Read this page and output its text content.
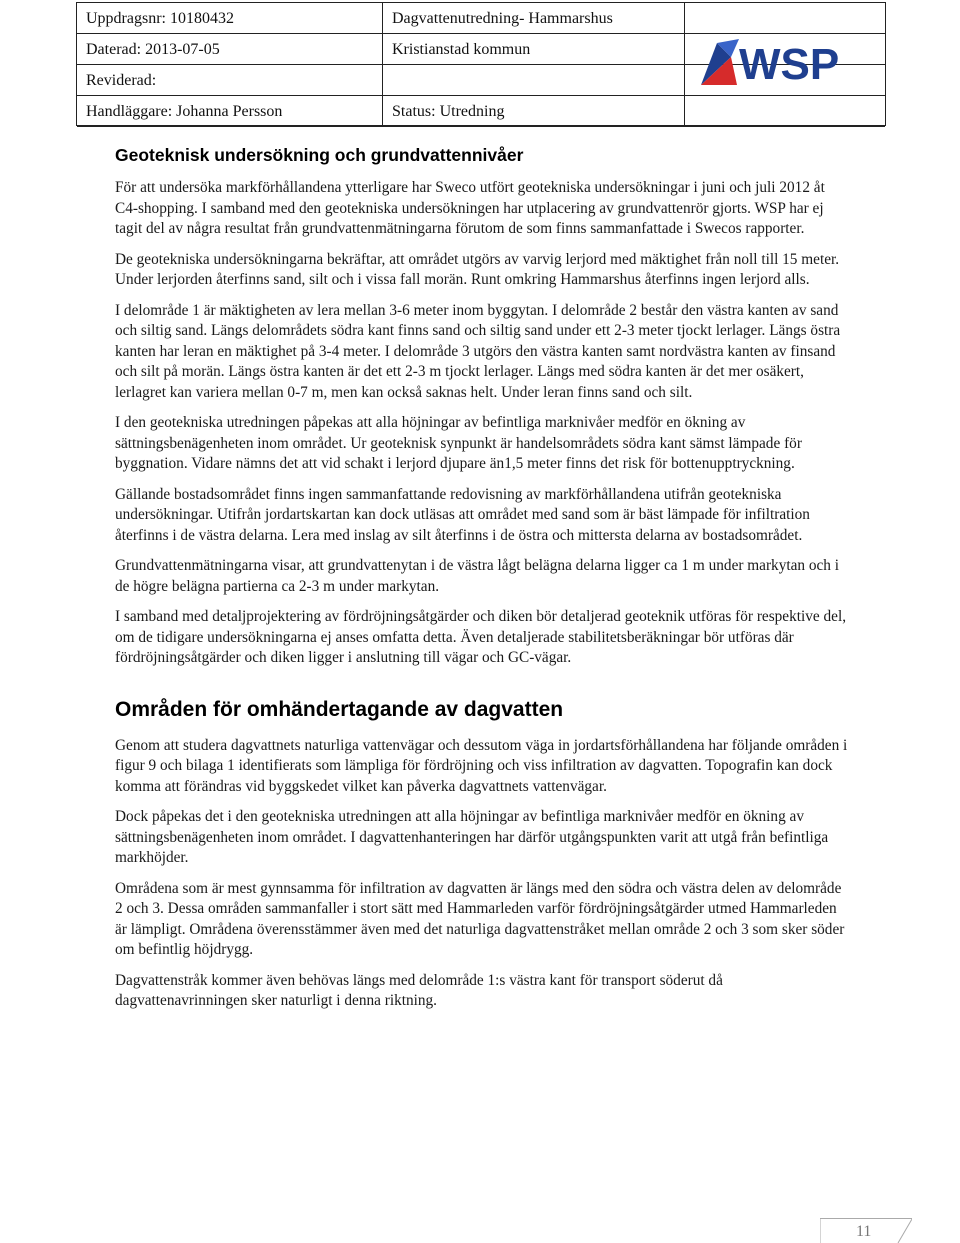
Uppdragsnr: 10180432	Dagvattenutredning- Hammarshus
Daterad: 2013-07-05	Kristianstad kommun
Reviderad:
Handläggare: Johanna Persson	Status: Utredning
WSP
Geoteknisk undersökning och grundvattennivåer

För att undersöka markförhållandena ytterligare har Sweco utfört geotekniska undersökningar i juni och juli 2012 åt C4-shopping. I samband med den geotekniska undersökningen har utplacering av grundvattenrör gjorts. WSP har ej tagit del av några resultat från grundvattenmätningarna förutom de som finns sammanfattade i Swecos rapporter.

De geotekniska undersökningarna bekräftar, att området utgörs av varvig lerjord med mäktighet från noll till 15 meter. Under lerjorden återfinns sand, silt och i vissa fall morän. Runt omkring Hammarshus återfinns ingen lerjord alls.

I delområde 1 är mäktigheten av lera mellan 3-6 meter inom byggytan. I delområde 2 består den västra kanten av sand och siltig sand. Längs delområdets södra kant finns sand och siltig sand under ett 2-3 meter tjockt lerlager. Längs östra kanten har leran en mäktighet på 3-4 meter. I delområde 3 utgörs den västra kanten samt nordvästra kanten av finsand och silt på morän. Längs östra kanten är det ett 2-3 m tjockt lerlager. Längs med södra kanten är det mer osäkert, lerlagret kan variera mellan 0-7 m, men kan också saknas helt. Under leran finns sand och silt.

I den geotekniska utredningen påpekas att alla höjningar av befintliga marknivåer medför en ökning av sättningsbenägenheten inom området. Ur geoteknisk synpunkt är handelsområdets södra kant sämst lämpade för byggnation. Vidare nämns det att vid schakt i lerjord djupare än1,5 meter finns det risk för bottenupptryckning.

Gällande bostadsområdet finns ingen sammanfattande redovisning av markförhållandena utifrån geotekniska undersökningar. Utifrån jordartskartan kan dock utläsas att området med sand som är bäst lämpade för infiltration återfinns i de västra delarna. Lera med inslag av silt återfinns i de östra och mittersta delarna av bostadsområdet.

Grundvattenmätningarna visar, att grundvattenytan i de västra lågt belägna delarna ligger ca 1 m under markytan och i de högre belägna partierna ca 2-3 m under markytan.

I samband med detaljprojektering av fördröjningsåtgärder och diken bör detaljerad geoteknik utföras för respektive del, om de tidigare undersökningarna ej anses omfatta detta. Även detaljerade stabilitetsberäkningar bör utföras där fördröjningsåtgärder och diken ligger i anslutning till vägar och GC-vägar.

Områden för omhändertagande av dagvatten

Genom att studera dagvattnets naturliga vattenvägar och dessutom väga in jordartsförhållandena har följande områden i figur 9 och bilaga 1 identifierats som lämpliga för fördröjning och viss infiltration av dagvatten. Topografin kan dock komma att förändras vid byggskedet vilket kan påverka dagvattnets vattenvägar.

Dock påpekas det i den geotekniska utredningen att alla höjningar av befintliga marknivåer medför en ökning av sättningsbenägenheten inom området. I dagvattenhanteringen har därför utgångspunkten varit att utgå från befintliga markhöjder.

Områdena som är mest gynnsamma för infiltration av dagvatten är längs med den södra och västra delen av delområde 2 och 3. Dessa områden sammanfaller i stort sätt med Hammarleden varför fördröjningsåtgärder utmed Hammarleden är lämpligt. Områdena överensstämmer även med det naturliga dagvattenstråket mellan område 2 och 3 som sker söder om befintlig höjdrygg.

Dagvattenstråk kommer även behövas längs med delområde 1:s västra kant för transport söderut då dagvattenavrinningen sker naturligt i denna riktning.

11
